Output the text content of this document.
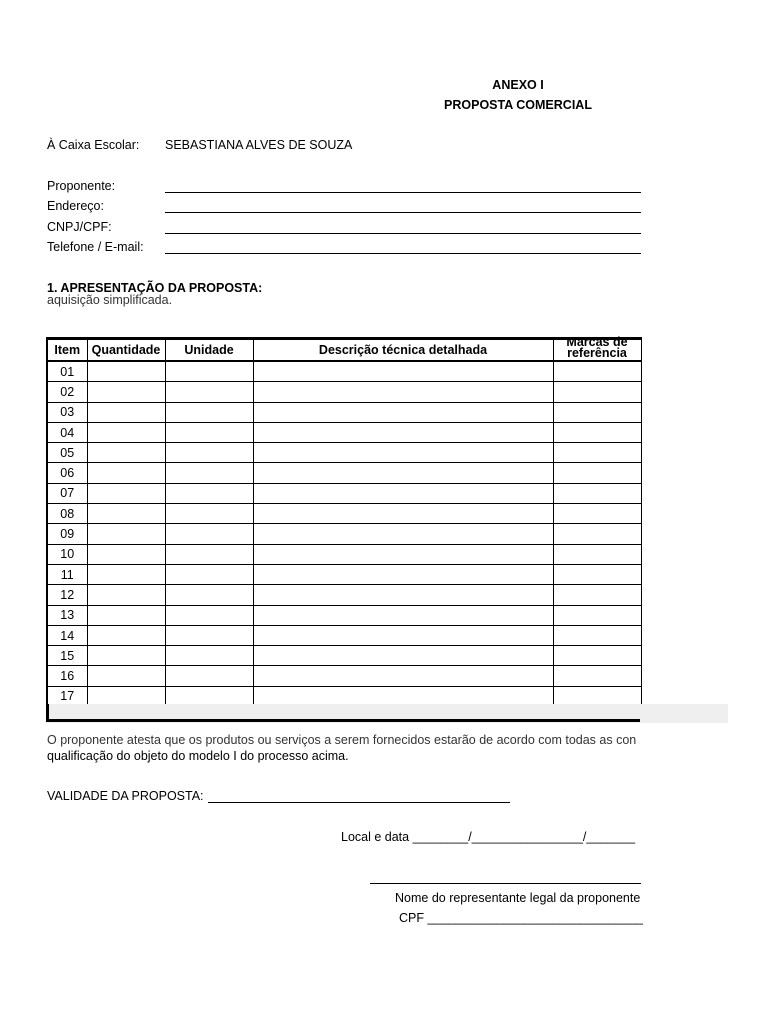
ANEXO I
PROPOSTA COMERCIAL
À Caixa Escolar: SEBASTIANA ALVES DE SOUZA
Proponente:
Endereço:
CNPJ/CPF:
Telefone / E-mail:
aquisição simplificada.
1. APRESENTAÇÃO DA PROPOSTA:
Item	Quantidade	Unidade	Descrição técnica detalhada	Marcas de referência

01				
02				
03				
04				
05				
06				
07				
08				
09				
10				
11				
12				
13				
14				
15				
16				
17				
O proponente atesta que os produtos ou serviços a serem fornecidos estarão de acordo com todas as con
qualificação do objeto do modelo I do processo acima.
VALIDADE DA PROPOSTA:
Local e data ________/________________/_______
Nome do representante legal da proponente
CPF _______________________________
